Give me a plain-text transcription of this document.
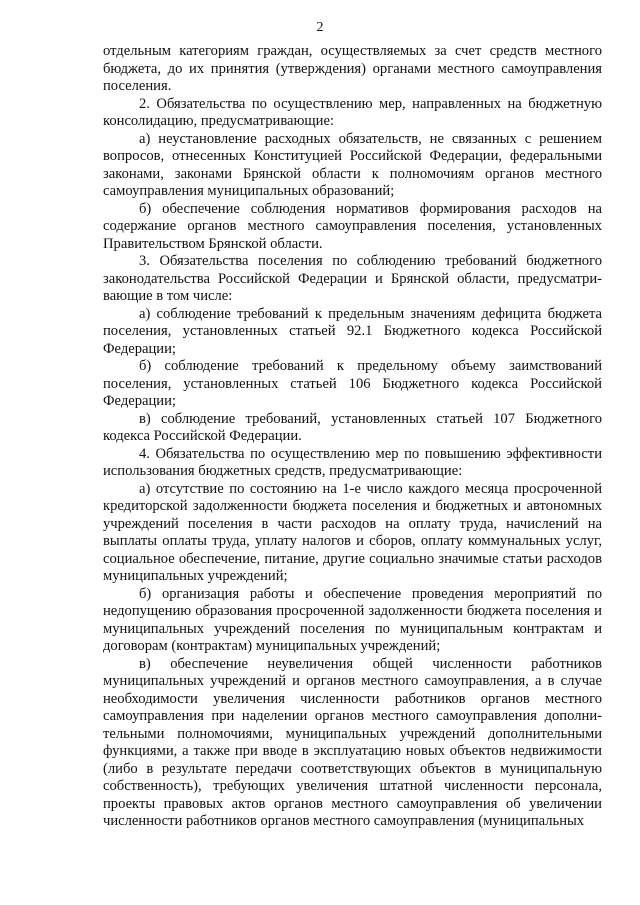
2

отдельным категориям граждан, осуществляемых за счет средств местного бюджета, до их принятия (утверждения) органами местного самоуправления поселения.

2. Обязательства по осуществлению мер, направленных на бюджетную консолидацию, предусматривающие:

а) неустановление расходных обязательств, не связанных с решением вопросов, отнесенных Конституцией Российской Федерации, федеральными законами, законами Брянской области к полномочиям органов местного самоуправления муниципальных образований;

б) обеспечение соблюдения нормативов формирования расходов на содержание органов местного самоуправления поселения, установленных Правительством Брянской области.

3. Обязательства поселения по соблюдению требований бюджетного законодательства Российской Федерации и Брянской области, предусматри-вающие в том числе:

а) соблюдение требований к предельным значениям дефицита бюджета поселения, установленных статьей 92.1 Бюджетного кодекса Российской Федерации;

б) соблюдение требований к предельному объему заимствований поселения, установленных статьей 106 Бюджетного кодекса Российской Федерации;

в) соблюдение требований, установленных статьей 107 Бюджетного кодекса Российской Федерации.

4. Обязательства по осуществлению мер по повышению эффективности использования бюджетных средств, предусматривающие:

а) отсутствие по состоянию на 1-е число каждого месяца просроченной кредиторской задолженности бюджета поселения и бюджетных и автономных учреждений поселения в части расходов на оплату труда, начислений на выплаты оплаты труда, уплату налогов и сборов, оплату коммунальных услуг, социальное обеспечение, питание, другие социально значимые статьи расходов муниципальных учреждений;

б) организация работы и обеспечение проведения мероприятий по недопущению образования просроченной задолженности бюджета поселения и муниципальных учреждений поселения по муниципальным контрактам и договорам (контрактам) муниципальных учреждений;

в) обеспечение неувеличения общей численности работников муниципальных учреждений и органов местного самоуправления, а в случае необходимости увеличения численности работников органов местного самоуправления при наделении органов местного самоуправления дополни-тельными полномочиями, муниципальных учреждений дополнительными функциями, а также при вводе в эксплуатацию новых объектов недвижимости (либо в результате передачи соответствующих объектов в муниципальную собственность), требующих увеличения штатной численности персонала, проекты правовых актов органов местного самоуправления об увеличении численности работников органов местного самоуправления (муниципальных
